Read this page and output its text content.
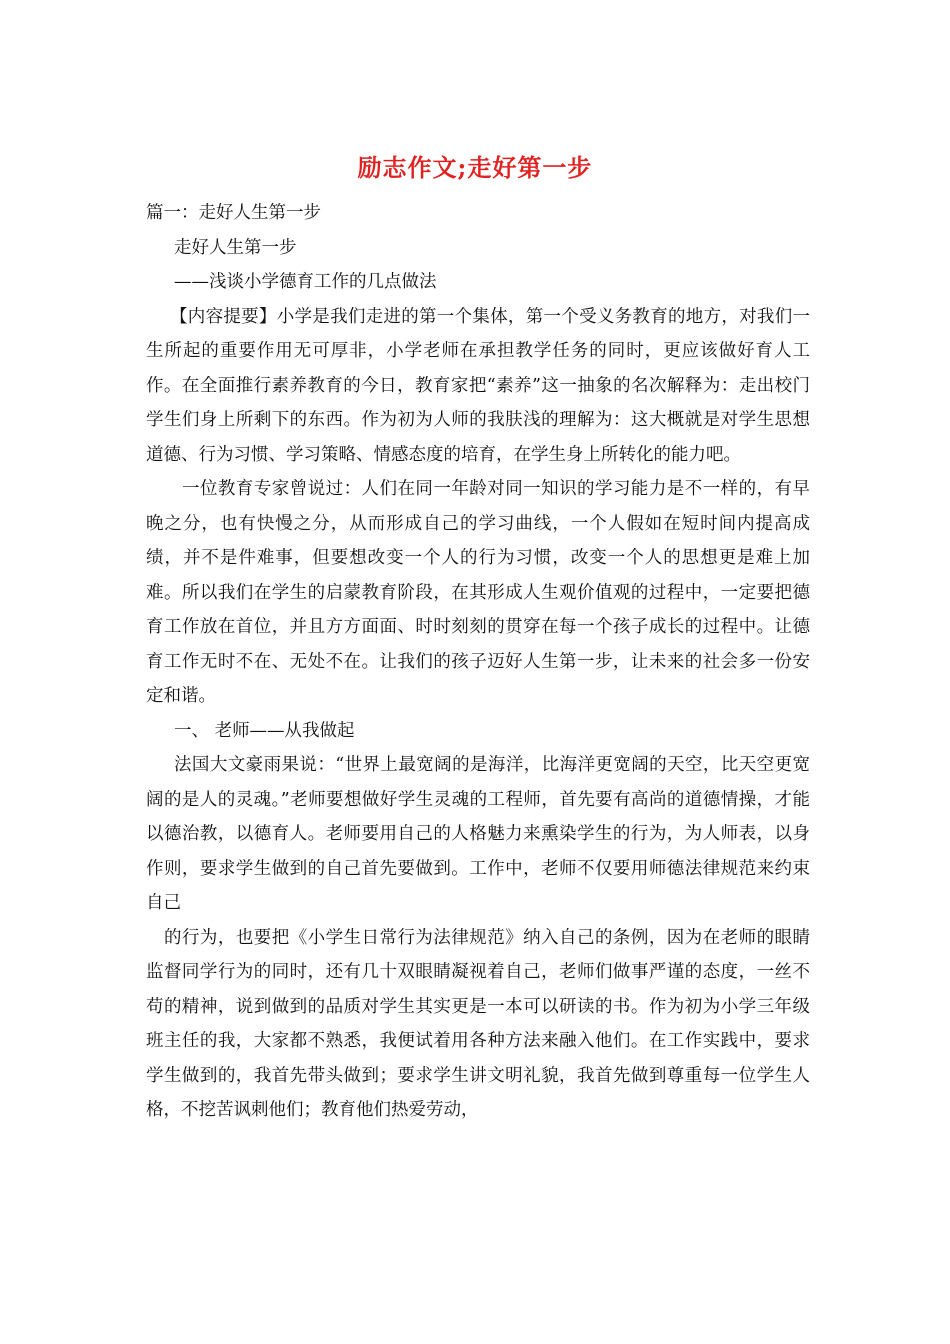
励志作文;走好第一步

篇一：走好人生第一步

走好人生第一步

——浅谈小学德育工作的几点做法

【内容提要】小学是我们走进的第一个集体，第一个受义务教育的地方，对我们一生所起的重要作用无可厚非，小学老师在承担教学任务的同时，更应该做好育人工作。在全面推行素养教育的今日，教育家把“素养”这一抽象的名次解释为：走出校门学生们身上所剩下的东西。作为初为人师的我肤浅的理解为：这大概就是对学生思想道德、行为习惯、学习策略、情感态度的培育，在学生身上所转化的能力吧。

一位教育专家曾说过：人们在同一年龄对同一知识的学习能力是不一样的，有早晚之分，也有快慢之分，从而形成自己的学习曲线，一个人假如在短时间内提高成绩，并不是件难事，但要想改变一个人的行为习惯，改变一个人的思想更是难上加难。所以我们在学生的启蒙教育阶段，在其形成人生观价值观的过程中，一定要把德育工作放在首位，并且方方面面、时时刻刻的贯穿在每一个孩子成长的过程中。让德育工作无时不在、无处不在。让我们的孩子迈好人生第一步，让未来的社会多一份安定和谐。

一、 老师——从我做起

法国大文豪雨果说：“世界上最宽阔的是海洋，比海洋更宽阔的天空，比天空更宽阔的是人的灵魂。”老师要想做好学生灵魂的工程师，首先要有高尚的道德情操，才能以德治教，以德育人。老师要用自己的人格魅力来熏染学生的行为，为人师表，以身作则，要求学生做到的自己首先要做到。工作中，老师不仅要用师德法律规范来约束自己

的行为，也要把《小学生日常行为法律规范》纳入自己的条例，因为在老师的眼睛监督同学行为的同时，还有几十双眼睛凝视着自己，老师们做事严谨的态度，一丝不苟的精神，说到做到的品质对学生其实更是一本可以研读的书。作为初为小学三年级班主任的我，大家都不熟悉，我便试着用各种方法来融入他们。在工作实践中，要求学生做到的，我首先带头做到；要求学生讲文明礼貌，我首先做到尊重每一位学生人格，不挖苦讽刺他们；教育他们热爱劳动，
